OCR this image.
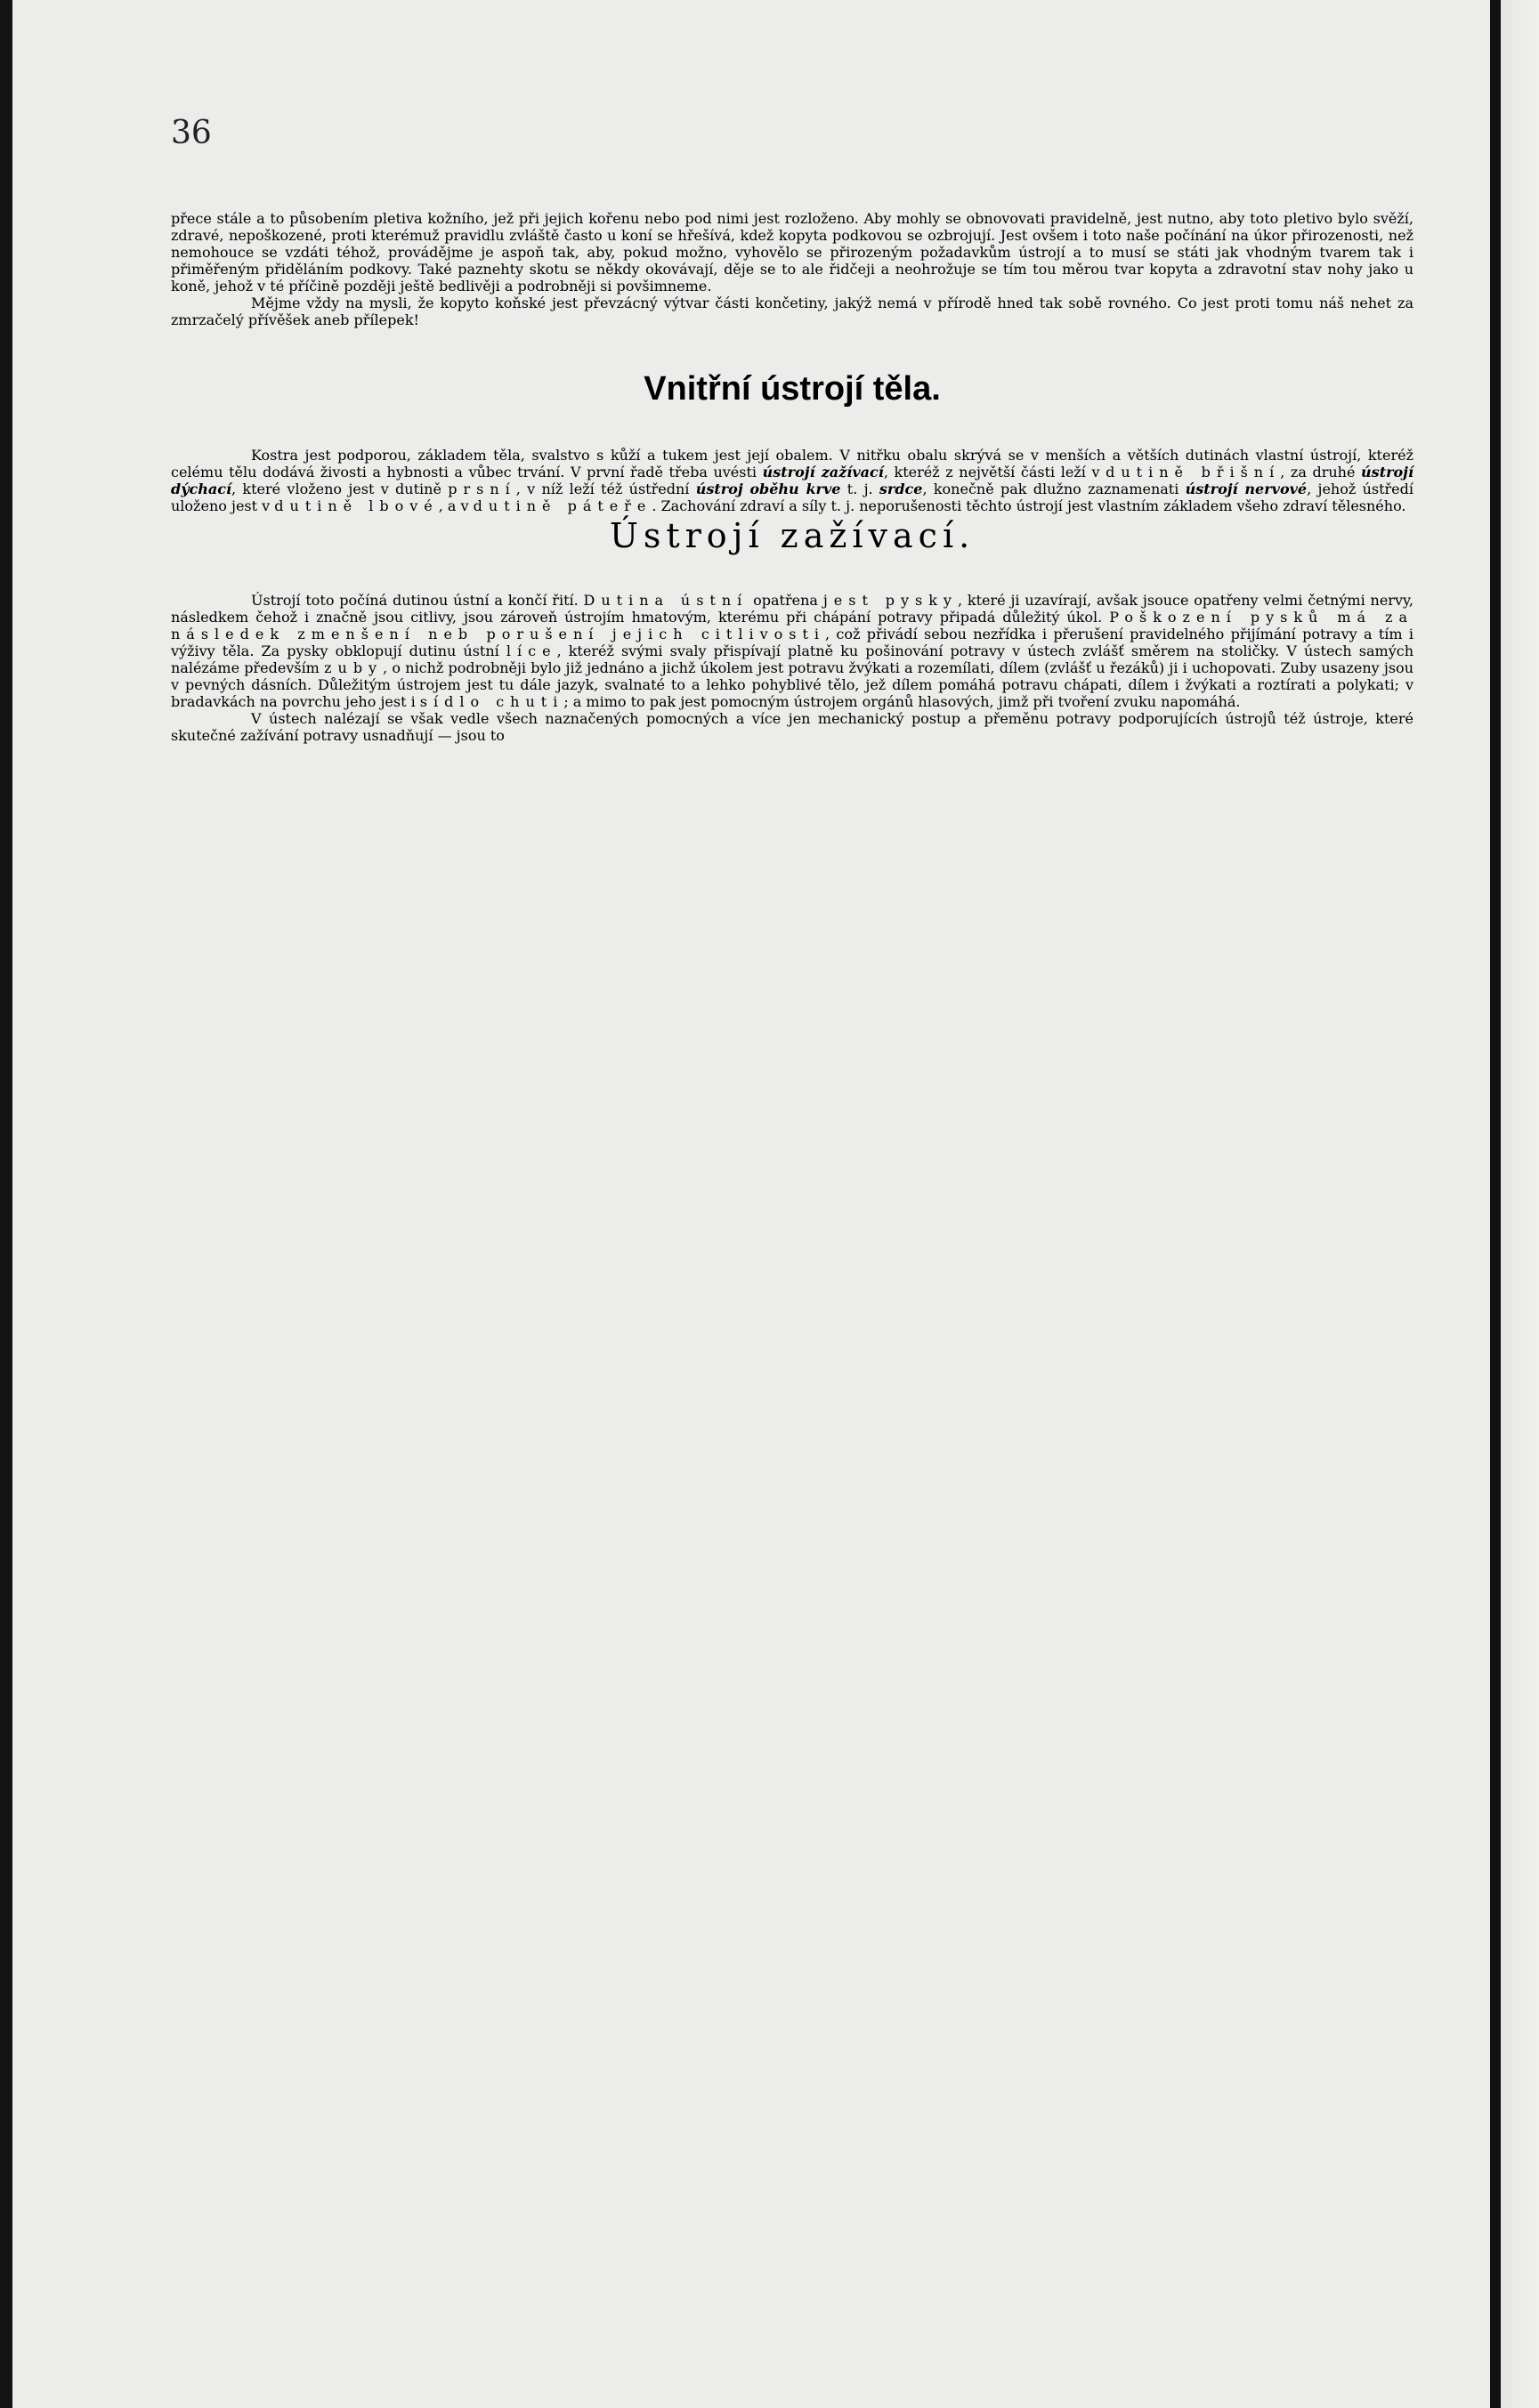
36

přece stále a to působením pletiva kožního, jež při jejich kořenu nebo pod nimi jest rozloženo. Aby mohly se obnovovati pravidelně, jest nutno, aby toto pletivo bylo svěží, zdravé, nepoškozené, proti kterémuž pravidlu zvláště často u koní se hřešívá, kdež kopyta podkovou se ozbrojují. Jest ovšem i toto naše počínání na úkor přirozenosti, než nemohouce se vzdáti téhož, provádějme je aspoň tak, aby, pokud možno, vyhovělo se přirozeným požadavkům ústrojí a to musí se státi jak vhodným tvarem tak i přiměřeným přiděláním podkovy. Také paznehty skotu se někdy okovávají, děje se to ale řidčeji a neohrožuje se tím tou měrou tvar kopyta a zdravotní stav nohy jako u koně, jehož v té příčině později ještě bedlivěji a podrobněji si povšimneme.

Mějme vždy na mysli, že kopyto koňské jest převzácný výtvar části končetiny, jakýž nemá v přírodě hned tak sobě rovného. Co jest proti tomu náš nehet za zmrzačelý přívěšek aneb přílepek!

Vnitřní ústrojí těla.

Kostra jest podporou, základem těla, svalstvo s kůží a tukem jest její obalem. V nitřku obalu skrývá se v menších a větších dutinách vlastní ústrojí, kteréž celému tělu dodává živosti a hybnosti a vůbec trvání. V první řadě třeba uvésti ústrojí zažívací, kteréž z největší části leží v dutině břišní, za druhé ústrojí dýchací, které vloženo jest v dutině prsní, v níž leží též ústřední ústroj oběhu krve t. j. srdce, konečně pak dlužno zaznamenati ústrojí nervové, jehož ústředí uloženo jest v dutině lbové, a v dutině páteře. Zachování zdraví a síly t. j. neporušenosti těchto ústrojí jest vlastním základem všeho zdraví tělesného.

Ústrojí zažívací.

Ústrojí toto počíná dutinou ústní a končí řití. Dutina ústní opatřena jest pysky, které ji uzavírají, avšak jsouce opatřeny velmi četnými nervy, následkem čehož i značně jsou citlivy, jsou zároveň ústrojím hmatovým, kterému při chápání potravy připadá důležitý úkol. Poškození pysků má za následek zmenšení neb porušení jejich citlivosti, což přivádí sebou nezřídka i přerušení pravidelného přijímání potravy a tím i výživy těla. Za pysky obklopují dutinu ústní líce, kteréž svými svaly přispívají platně ku pošinování potravy v ústech zvlášť směrem na stoličky. V ústech samých nalézáme především zuby, o nichž podrobněji bylo již jednáno a jichž úkolem jest potravu žvýkati a rozemílati, dílem (zvlášť u řezáků) ji i uchopovati. Zuby usazeny jsou v pevných dásních. Důležitým ústrojem jest tu dále jazyk, svalnaté to a lehko pohyblivé tělo, jež dílem pomáhá potravu chápati, dílem i žvýkati a roztírati a polykati; v bradavkách na povrchu jeho jest i sídlo chuti; a mimo to pak jest pomocným ústrojem orgánů hlasových, jimž při tvoření zvuku napomáhá.

V ústech nalézají se však vedle všech naznačených pomocných a více jen mechanický postup a přeměnu potravy podporujících ústrojů též ústroje, které skutečné zažívání potravy usnadňují — jsou to
